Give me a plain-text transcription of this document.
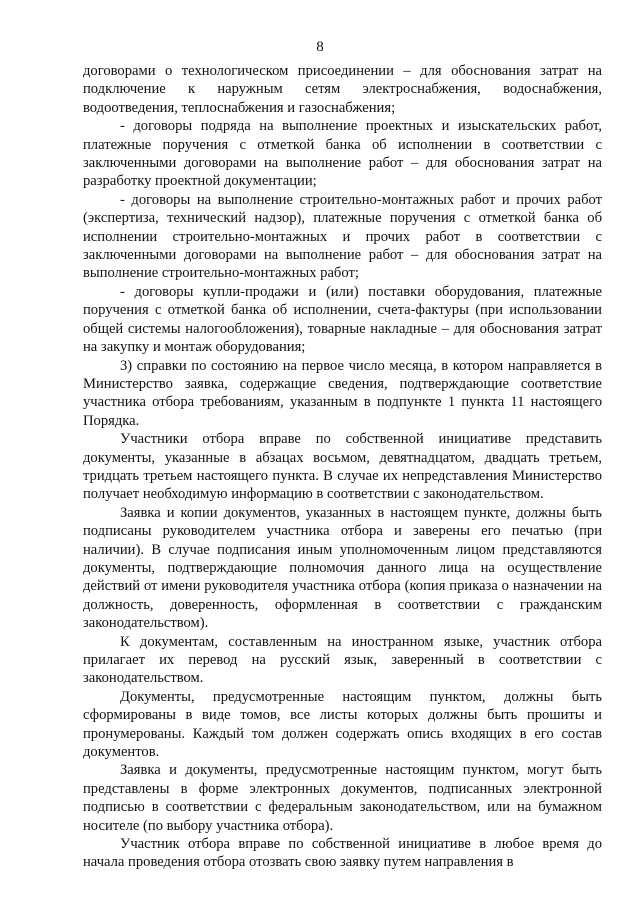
8

договорами о технологическом присоединении – для обоснования затрат на подключение к наружным сетям электроснабжения, водоснабжения, водоотведения, теплоснабжения и газоснабжения;

- договоры подряда на выполнение проектных и изыскательских работ, платежные поручения с отметкой банка об исполнении в соответствии с заключенными договорами на выполнение работ – для обоснования затрат на разработку проектной документации;

- договоры на выполнение строительно-монтажных работ и прочих работ (экспертиза, технический надзор), платежные поручения с отметкой банка об исполнении строительно-монтажных и прочих работ в соответствии с заключенными договорами на выполнение работ – для обоснования затрат на выполнение строительно-монтажных работ;

- договоры купли-продажи и (или) поставки оборудования, платежные поручения с отметкой банка об исполнении, счета-фактуры (при использовании общей системы налогообложения), товарные накладные – для обоснования затрат на закупку и монтаж оборудования;

3) справки по состоянию на первое число месяца, в котором направляется в Министерство заявка, содержащие сведения, подтверждающие соответствие участника отбора требованиям, указанным в подпункте 1 пункта 11 настоящего Порядка.

Участники отбора вправе по собственной инициативе представить документы, указанные в абзацах восьмом, девятнадцатом, двадцать третьем, тридцать третьем настоящего пункта. В случае их непредставления Министерство получает необходимую информацию в соответствии с законодательством.

Заявка и копии документов, указанных в настоящем пункте, должны быть подписаны руководителем участника отбора и заверены его печатью (при наличии). В случае подписания иным уполномоченным лицом представляются документы, подтверждающие полномочия данного лица на осуществление действий от имени руководителя участника отбора (копия приказа о назначении на должность, доверенность, оформленная в соответствии с гражданским законодательством).

К документам, составленным на иностранном языке, участник отбора прилагает их перевод на русский язык, заверенный в соответствии с законодательством.

Документы, предусмотренные настоящим пунктом, должны быть сформированы в виде томов, все листы которых должны быть прошиты и пронумерованы. Каждый том должен содержать опись входящих в его состав документов.

Заявка и документы, предусмотренные настоящим пунктом, могут быть представлены в форме электронных документов, подписанных электронной подписью в соответствии с федеральным законодательством, или на бумажном носителе (по выбору участника отбора).

Участник отбора вправе по собственной инициативе в любое время до начала проведения отбора отозвать свою заявку путем направления в
